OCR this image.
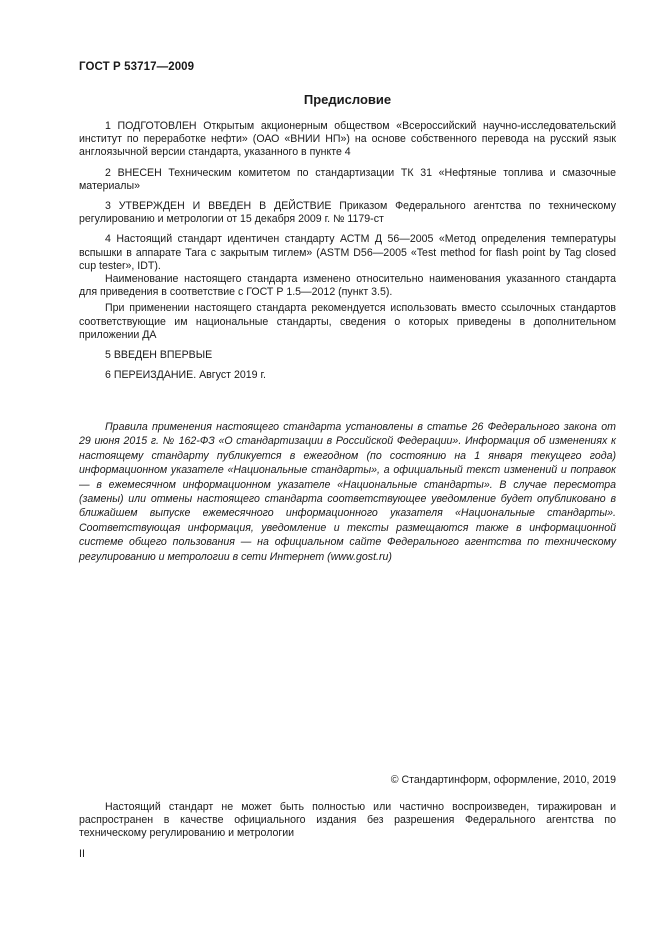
ГОСТ Р 53717—2009
Предисловие

1 ПОДГОТОВЛЕН Открытым акционерным обществом «Всероссийский научно-исследовательский институт по переработке нефти» (ОАО «ВНИИ НП») на основе собственного перевода на русский язык англоязычной версии стандарта, указанного в пункте 4

2 ВНЕСЕН Техническим комитетом по стандартизации ТК 31 «Нефтяные топлива и смазочные материалы»

3 УТВЕРЖДЕН И ВВЕДЕН В ДЕЙСТВИЕ Приказом Федерального агентства по техническому регулированию и метрологии от 15 декабря 2009 г. № 1179-ст

4 Настоящий стандарт идентичен стандарту АСТМ Д 56—2005 «Метод определения температуры вспышки в аппарате Тага с закрытым тиглем» (ASTM D56—2005 «Test method for flash point by Tag closed cup tester», IDT).

Наименование настоящего стандарта изменено относительно наименования указанного стандарта для приведения в соответствие с ГОСТ Р 1.5—2012 (пункт 3.5).

При применении настоящего стандарта рекомендуется использовать вместо ссылочных стандартов соответствующие им национальные стандарты, сведения о которых приведены в дополнительном приложении ДА

5 ВВЕДЕН ВПЕРВЫЕ

6 ПЕРЕИЗДАНИЕ. Август 2019 г.

Правила применения настоящего стандарта установлены в статье 26 Федерального закона от 29 июня 2015 г. № 162-ФЗ «О стандартизации в Российской Федерации». Информация об изменениях к настоящему стандарту публикуется в ежегодном (по состоянию на 1 января текущего года) информационном указателе «Национальные стандарты», а официальный текст изменений и поправок — в ежемесячном информационном указателе «Национальные стандарты». В случае пересмотра (замены) или отмены настоящего стандарта соответствующее уведомление будет опубликовано в ближайшем выпуске ежемесячного информационного указателя «Национальные стандарты». Соответствующая информация, уведомление и тексты размещаются также в информационной системе общего пользования — на официальном сайте Федерального агентства по техническому регулированию и метрологии в сети Интернет (www.gost.ru)

© Стандартинформ, оформление, 2010, 2019

Настоящий стандарт не может быть полностью или частично воспроизведен, тиражирован и распространен в качестве официального издания без разрешения Федерального агентства по техническому регулированию и метрологии

II
